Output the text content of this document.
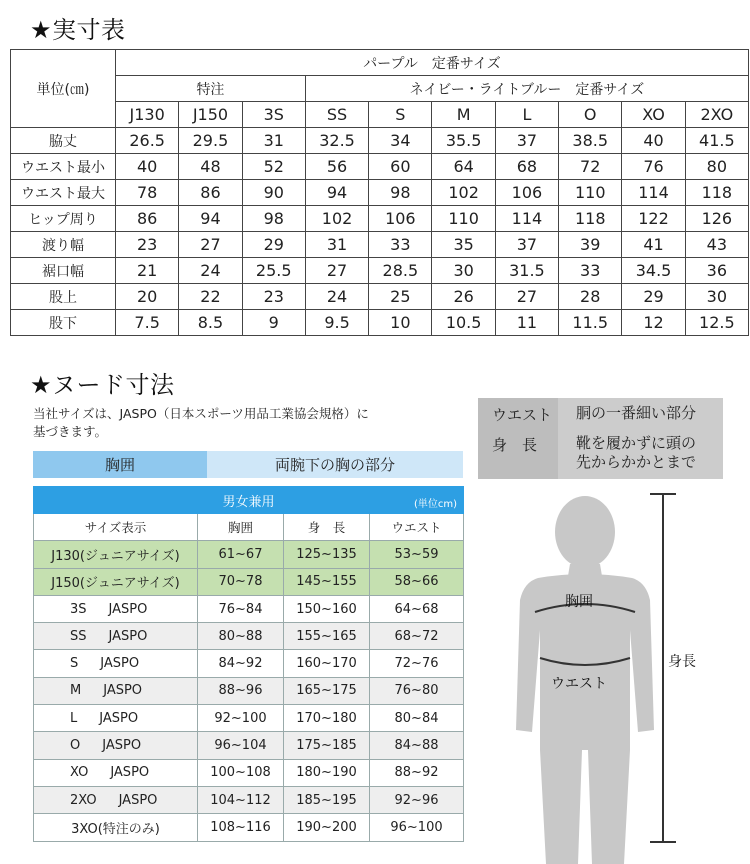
★実寸表
単位(㎝)	パープル　定番サイズ									
	特注			ネイビー・ライトブルー　定番サイズ						
	J130	J150	3S	SS	S	M	L	O	XO	2XO
脇丈	26.5	29.5	31	32.5	34	35.5	37	38.5	40	41.5
ウエスト最小	40	48	52	56	60	64	68	72	76	80
ウエスト最大	78	86	90	94	98	102	106	110	114	118
ヒップ周り	86	94	98	102	106	110	114	118	122	126
渡り幅	23	27	29	31	33	35	37	39	41	43
裾口幅	21	24	25.5	27	28.5	30	31.5	33	34.5	36
股上	20	22	23	24	25	26	27	28	29	30
股下	7.5	8.5	9	9.5	10	10.5	11	11.5	12	12.5
★ヌード寸法
当社サイズは、JASPO（日本スポーツ用品工業協会規格）に
基づきます。
胸囲	両腕下の胸の部分
男女兼用 (単位cm)			

サイズ表示	胸囲	身　長	ウエスト
J130(ジュニアサイズ)	61~67	125~135	53~59
J150(ジュニアサイズ)	70~78	145~155	58~66
3S JASPO	76~84	150~160	64~68
SS JASPO	80~88	155~165	68~72
S JASPO	84~92	160~170	72~76
M JASPO	88~96	165~175	76~80
L JASPO	92~100	170~180	80~84
O JASPO	96~104	175~185	84~88
XO JASPO	100~108	180~190	88~92
2XO JASPO	104~112	185~195	92~96
3XO(特注のみ)	108~116	190~200	96~100
ウエスト 胴の一番細い部分
身　長	靴を履かずに頭の
先からかかとまで
胸囲
ウエスト
身長
